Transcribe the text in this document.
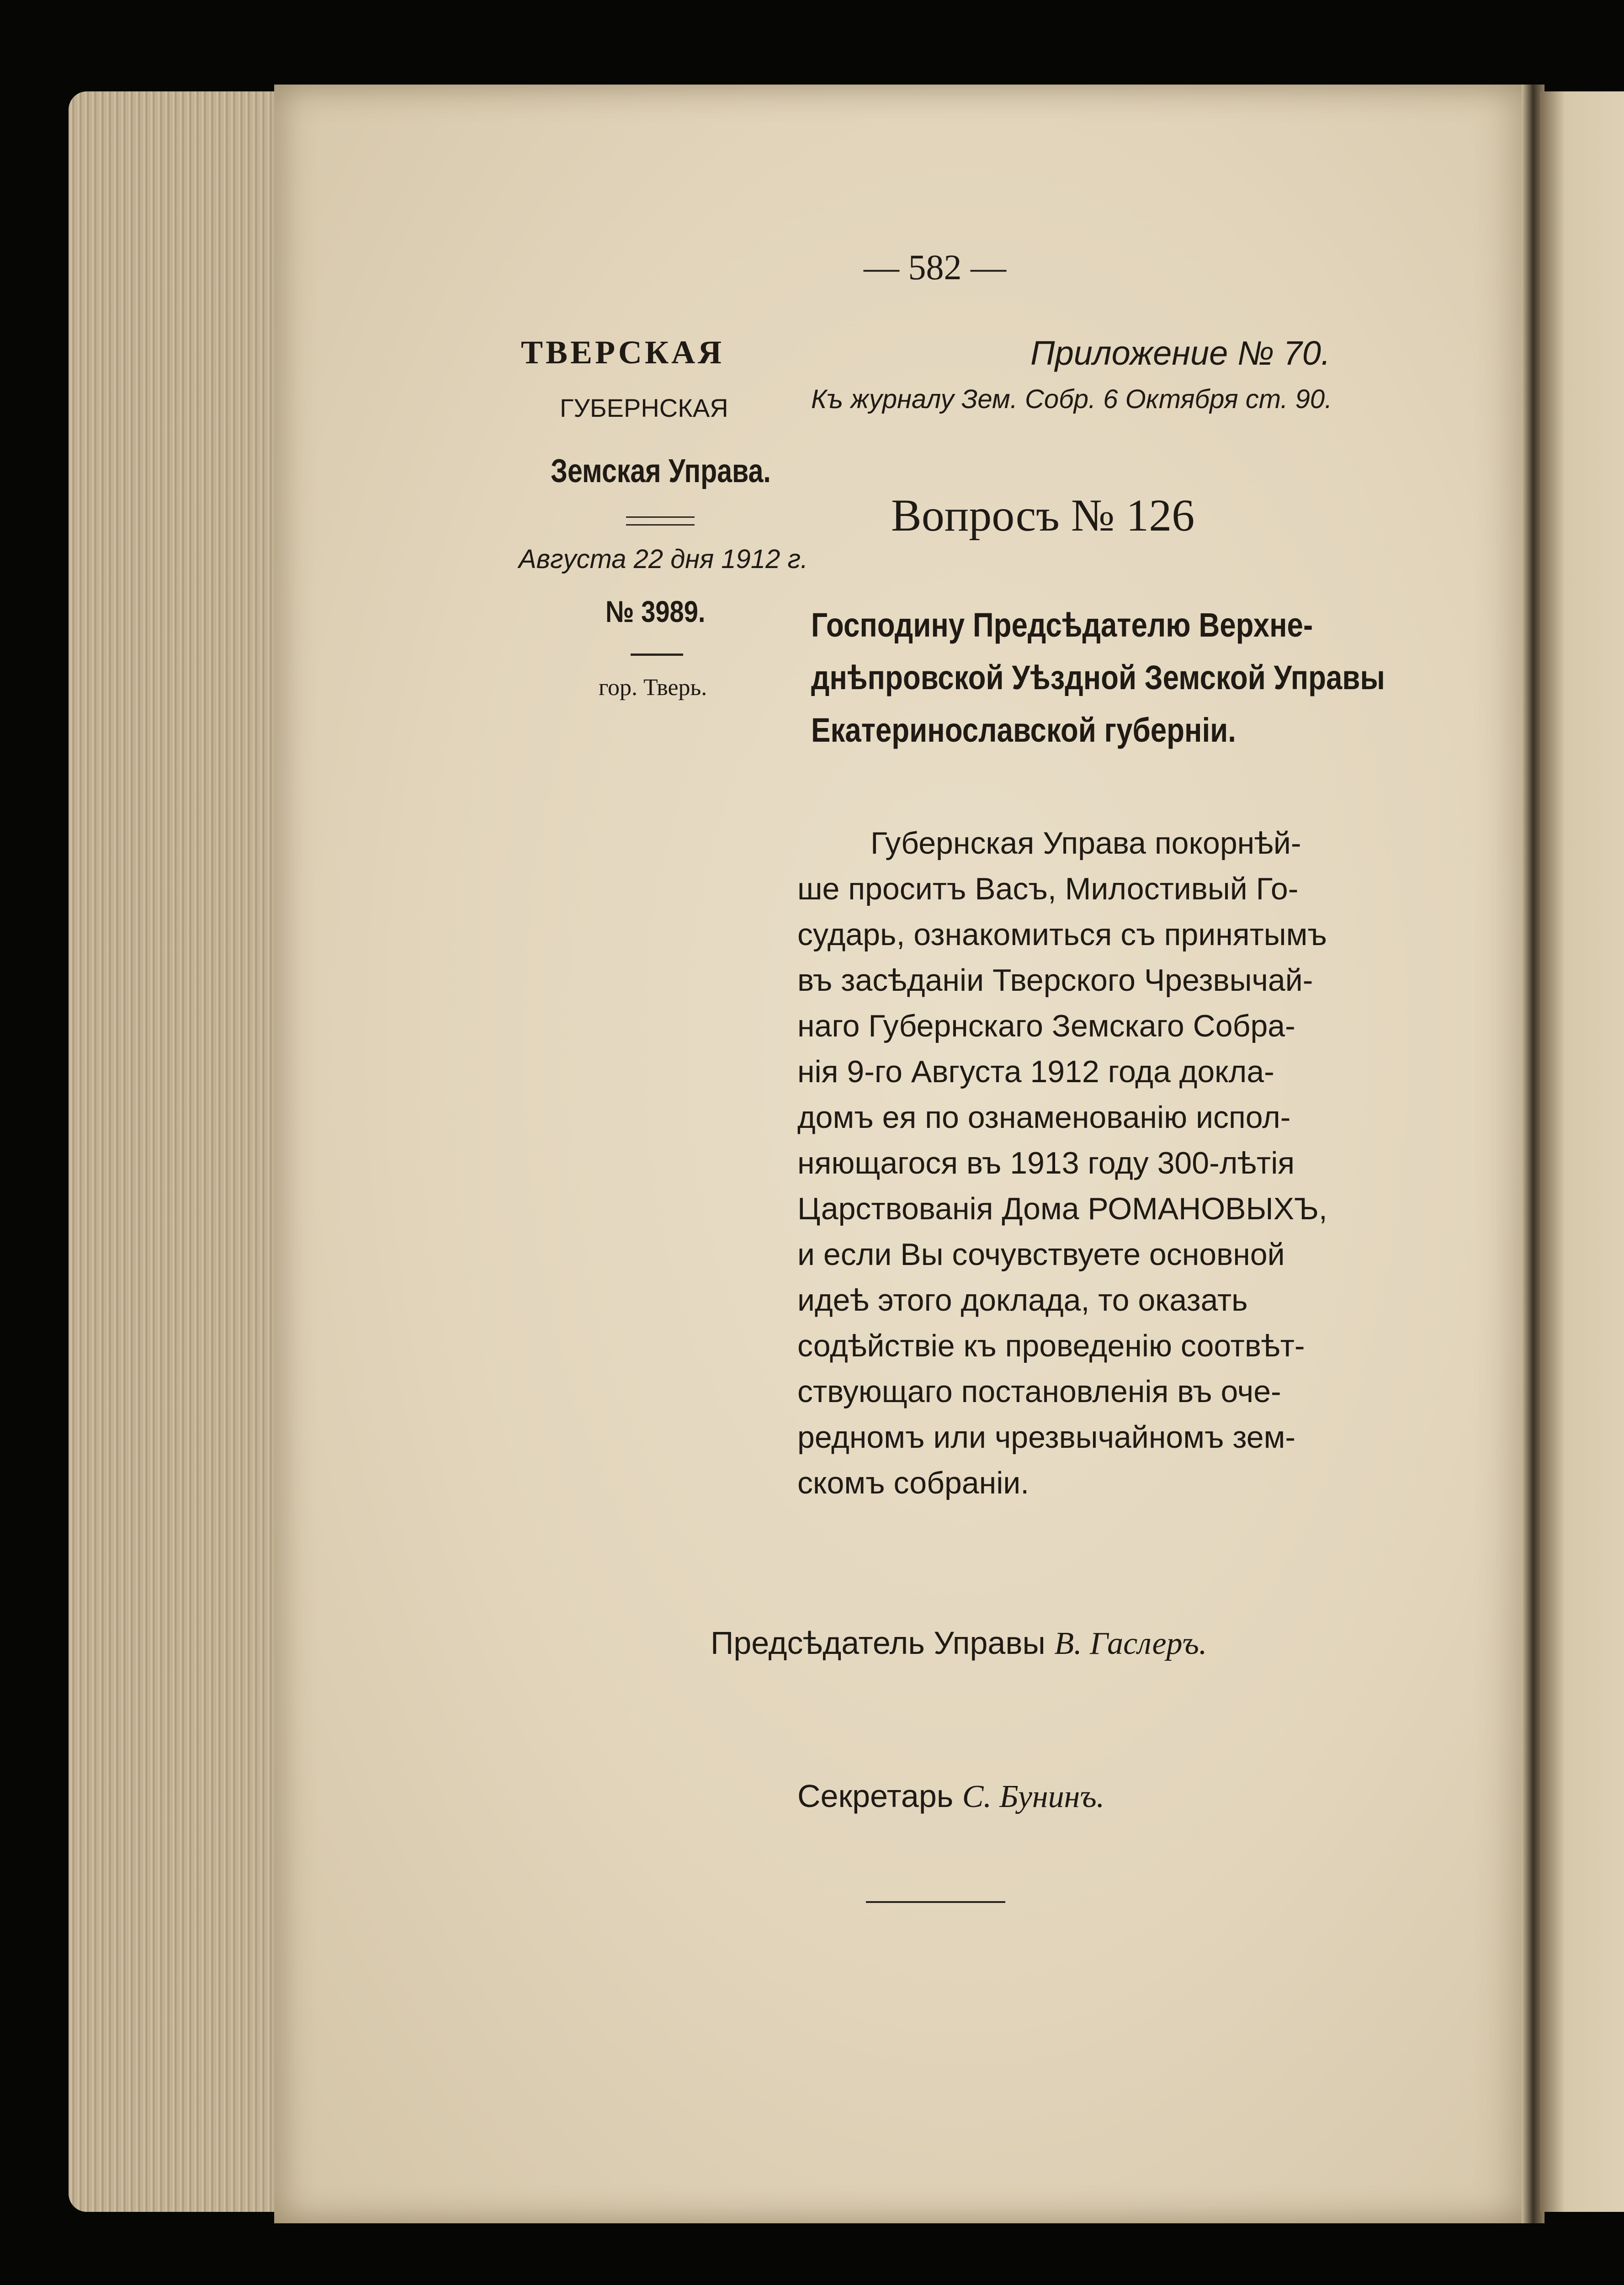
— 582 —
ТВЕРСКАЯ
ГУБЕРНСКАЯ
Земская Управа.
Августа 22 дня 1912 г.
№ 3989.
гор. Тверь.
Приложение № 70.
Къ журналу Зем. Собр. 6 Октября ст. 90.
Вопросъ № 126
Господину Предсѣдателю Верхне-
днѣпровской Уѣздной Земской Управы
Екатеринославской губерніи.
Губернская Управа покорнѣй-
ше проситъ Васъ, Милостивый Го-
сударь, ознакомиться съ принятымъ
въ засѣданіи Тверского Чрезвычай-
наго Губернскаго Земскаго Собра-
нія 9-го Августа 1912 года докла-
домъ ея по ознаменованію испол-
няющагося въ 1913 году 300-лѣтія
Царствованія Дома РОМАНОВЫХЪ,
и если Вы сочувствуете основной
идеѣ этого доклада, то оказать
содѣйствіе къ проведенію соотвѣт-
ствующаго постановленія въ оче-
редномъ или чрезвычайномъ зем-
скомъ собраніи.
Предсѣдатель Управы В. Гаслеръ.
Секретарь С. Бунинъ.
